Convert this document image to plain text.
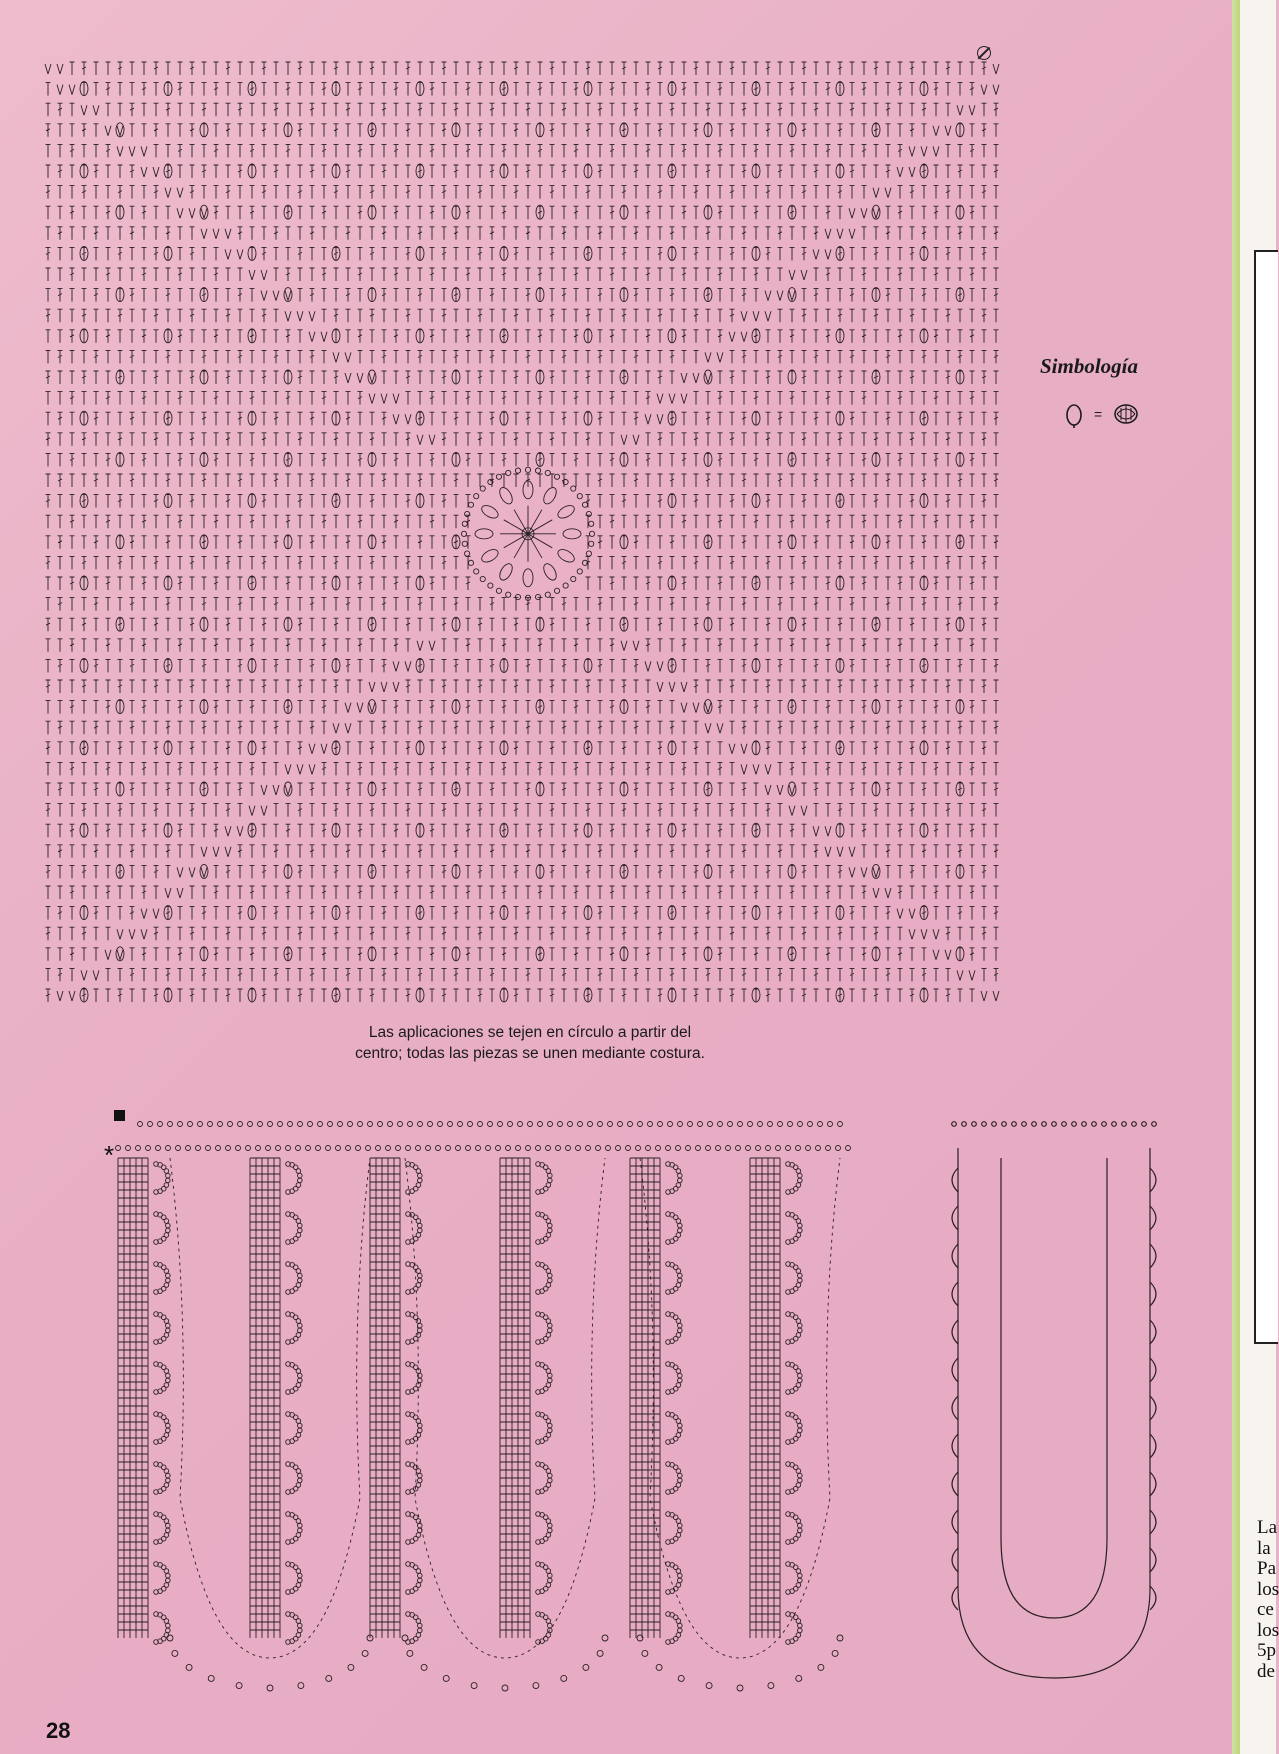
Simbología
=
Las aplicaciones se tejen en círculo a partir del
centro; todas las piezas se unen mediante costura.
*
28
La
la
Pa
los
ce
los
5p
de
